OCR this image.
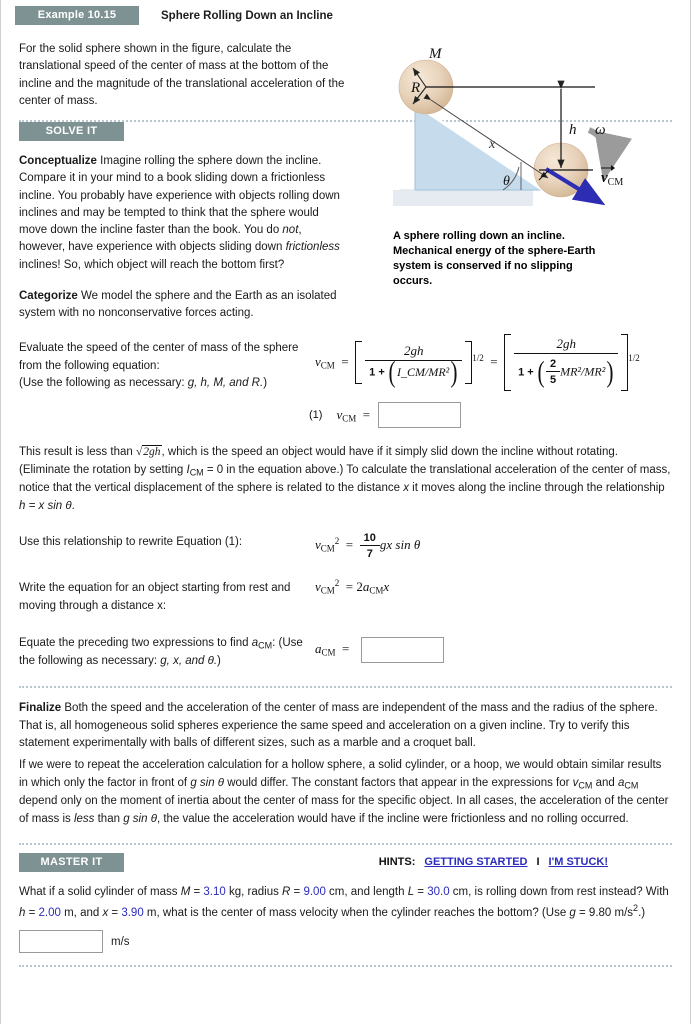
Example 10.15	Sphere Rolling Down an Incline
For the solid sphere shown in the figure, calculate the translational speed of the center of mass at the bottom of the incline and the magnitude of the translational acceleration of the center of mass.
M
R
h
x
θ
ω
$v_{CM}$
A sphere rolling down an incline. Mechanical energy of the sphere-Earth system is conserved if no slipping occurs.
SOLVE IT
Conceptualize Imagine rolling the sphere down the incline. Compare it in your mind to a book sliding down a frictionless incline. You probably have experience with objects rolling down inclines and may be tempted to think that the sphere would move down the incline faster than the book. You do not, however, have experience with objects sliding down frictionless inclines! So, which object will reach the bottom first?
Categorize We model the sphere and the Earth as an isolated system with no nonconservative forces acting.
Evaluate the speed of the center of mass of the sphere from the following equation:
(Use the following as necessary: g, h, M, and R.)
$v_{CM} = \frac{2gh}{\text{1 + ( I\_CM/MR²}}$ ) $^{1/2}$  =
2gh
1 + ( $\frac{2}{5} MR^2/MR^2$ )
$^{1/2}$
(1) $v_{CM}$  =
This result is less than √2gh, which is the speed an object would have if it simply slid down the incline without rotating. (Eliminate the rotation by setting $I_{CM} = 0$ in the equation above.) To calculate the translational acceleration of the center of mass, notice that the vertical displacement of the sphere is related to the distance x it moves along the incline through the relationship h = x sin θ.
Use this relationship to rewrite Equation (1):	$v_{CM}^2 = \frac{10}{7}$ gx sin θ
Write the equation for an object starting from rest and moving through a distance x:
$v_{CM}^2 = 2a_{CM}x$
Equate the preceding two expressions to find $a_{CM}$: (Use the following as necessary: g, x, and θ.)
$a_{CM}$  =
Finalize Both the speed and the acceleration of the center of mass are independent of the mass and the radius of the sphere. That is, all homogeneous solid spheres experience the same speed and acceleration on a given incline. Try to verify this statement experimentally with balls of different sizes, such as a marble and a croquet ball.
If we were to repeat the acceleration calculation for a hollow sphere, a solid cylinder, or a hoop, we would obtain similar results in which only the factor in front of g sin θ would differ. The constant factors that appear in the expressions for $v_{CM}$ and $a_{CM}$ depend only on the moment of inertia about the center of mass for the specific object. In all cases, the acceleration of the center of mass is less than g sin θ, the value the acceleration would have if the incline were frictionless and no rolling occurred.
MASTER IT	HINTS: GETTING STARTED I I'M STUCK!
What if a solid cylinder of mass M = 3.10 kg, radius R = 9.00 cm, and length L = 30.0 cm, is rolling down from rest instead? With h = 2.00 m, and x = 3.90 m, what is the center of mass velocity when the cylinder reaches the bottom? (Use g = 9.80 $m/s^2$.)
m/s
